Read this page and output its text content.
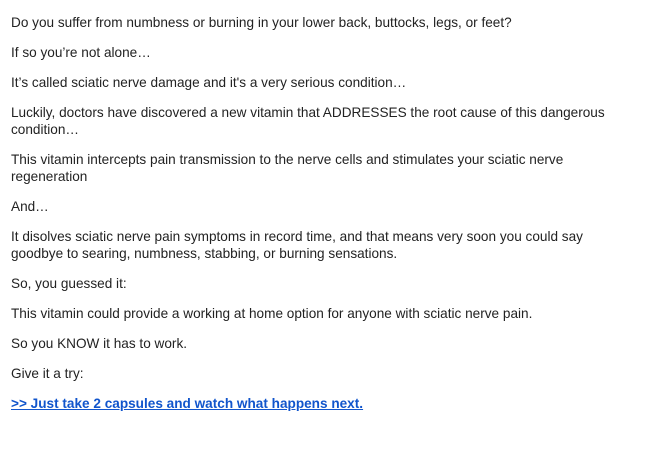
Do you suffer from numbness or burning in your lower back, buttocks, legs, or feet?

If so you’re not alone…

It’s called sciatic nerve damage and it's a very serious condition…

Luckily, doctors have discovered a new vitamin that ADDRESSES the root cause of this dangerous condition…

This vitamin intercepts pain transmission to the nerve cells and stimulates your sciatic nerve regeneration

And…

It disolves sciatic nerve pain symptoms in record time, and that means very soon you could say goodbye to searing, numbness, stabbing, or burning sensations.

So, you guessed it:

This vitamin could provide a working at home option for anyone with sciatic nerve pain.

So you KNOW it has to work.

Give it a try:

>> Just take 2 capsules and watch what happens next.
